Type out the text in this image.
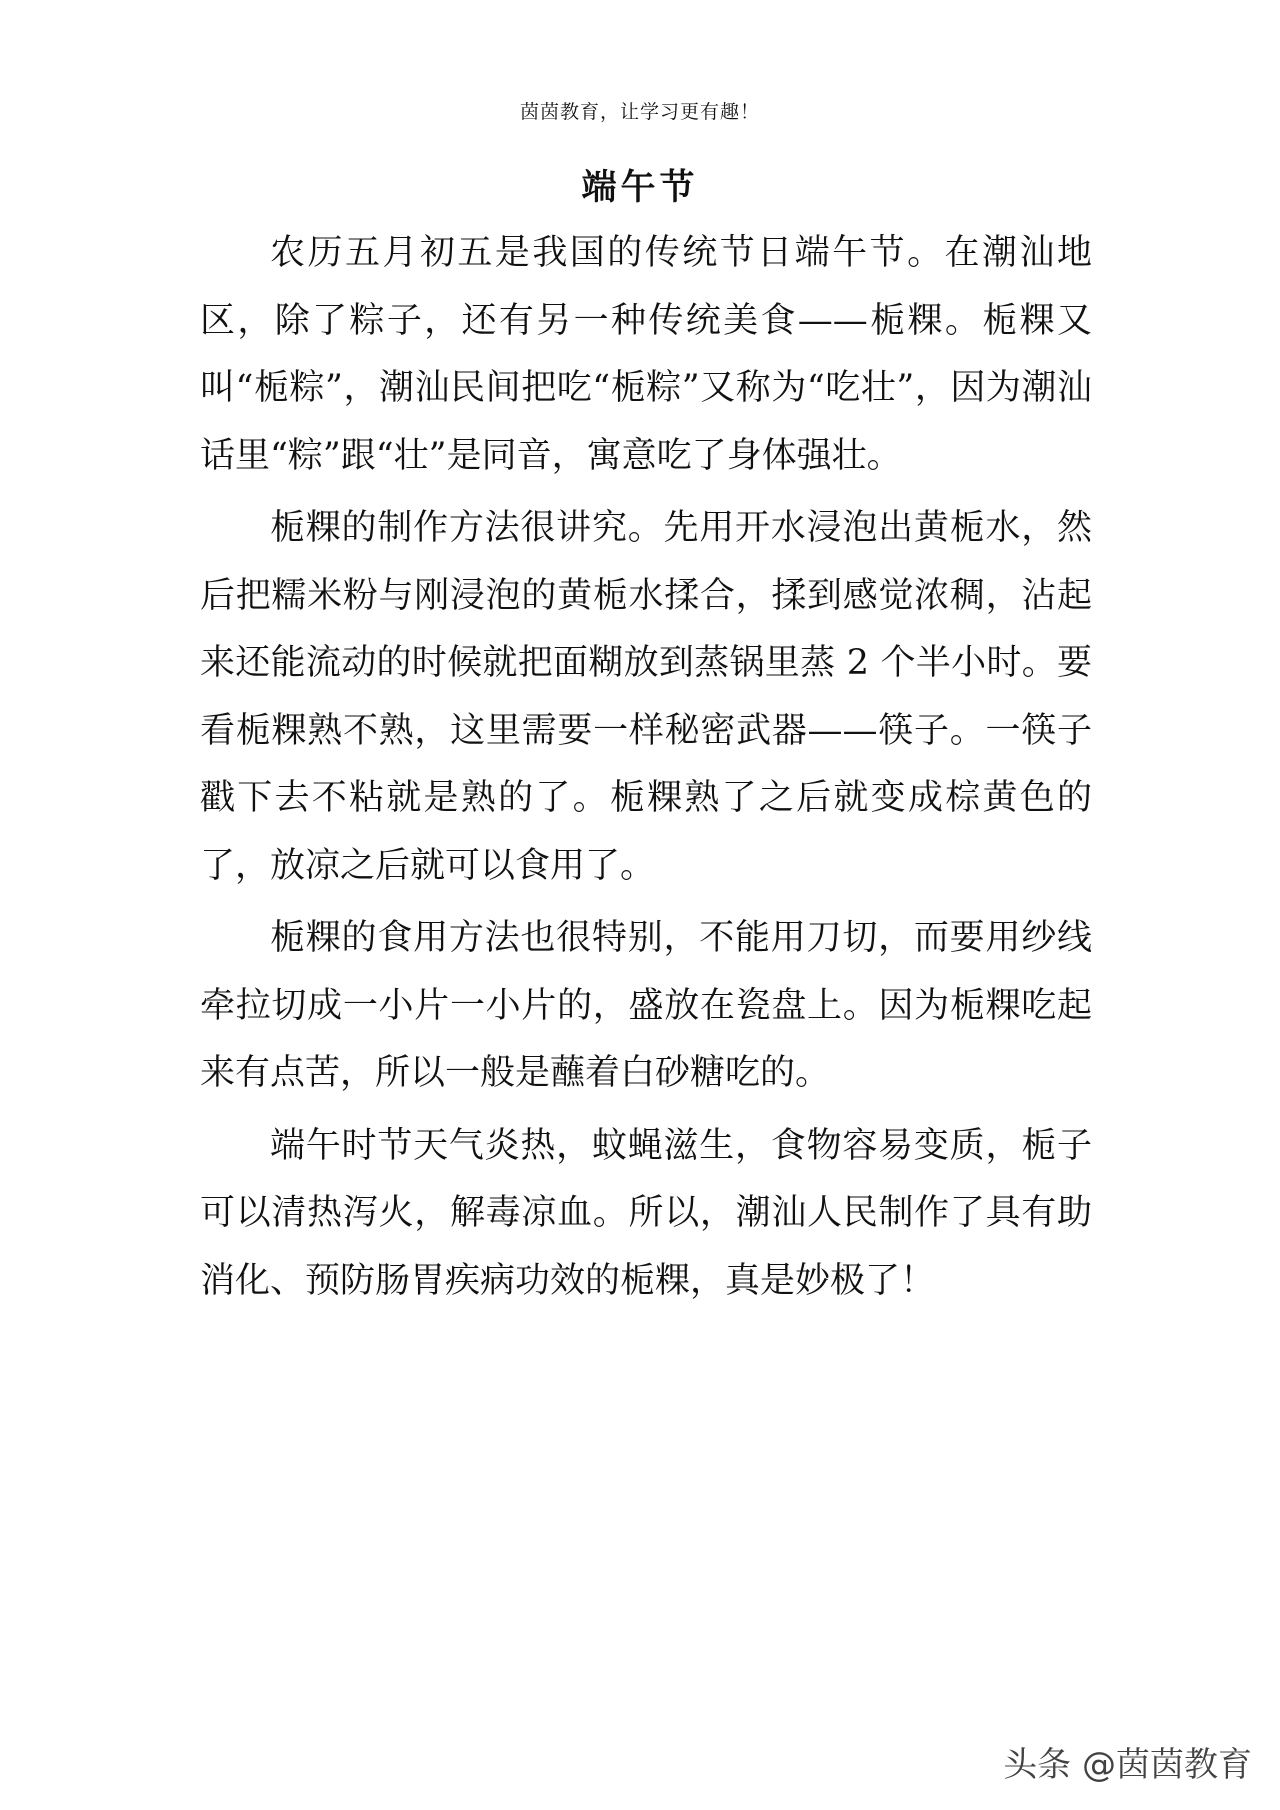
茵茵教育，让学习更有趣！
端午节

农历五月初五是我国的传统节日端午节。在潮汕地区，除了粽子，还有另一种传统美食——栀粿。栀粿又叫“栀粽”，潮汕民间把吃“栀粽”又称为“吃壮”，因为潮汕话里“粽”跟“壮”是同音，寓意吃了身体强壮。

栀粿的制作方法很讲究。先用开水浸泡出黄栀水，然后把糯米粉与刚浸泡的黄栀水揉合，揉到感觉浓稠，沾起来还能流动的时候就把面糊放到蒸锅里蒸 2 个半小时。要看栀粿熟不熟，这里需要一样秘密武器——筷子。一筷子戳下去不粘就是熟的了。栀粿熟了之后就变成棕黄色的了，放凉之后就可以食用了。

栀粿的食用方法也很特别，不能用刀切，而要用纱线牵拉切成一小片一小片的，盛放在瓷盘上。因为栀粿吃起来有点苦，所以一般是蘸着白砂糖吃的。

端午时节天气炎热，蚊蝇滋生，食物容易变质，栀子可以清热泻火，解毒凉血。所以，潮汕人民制作了具有助消化、预防肠胃疾病功效的栀粿，真是妙极了！

头条 @茵茵教育
